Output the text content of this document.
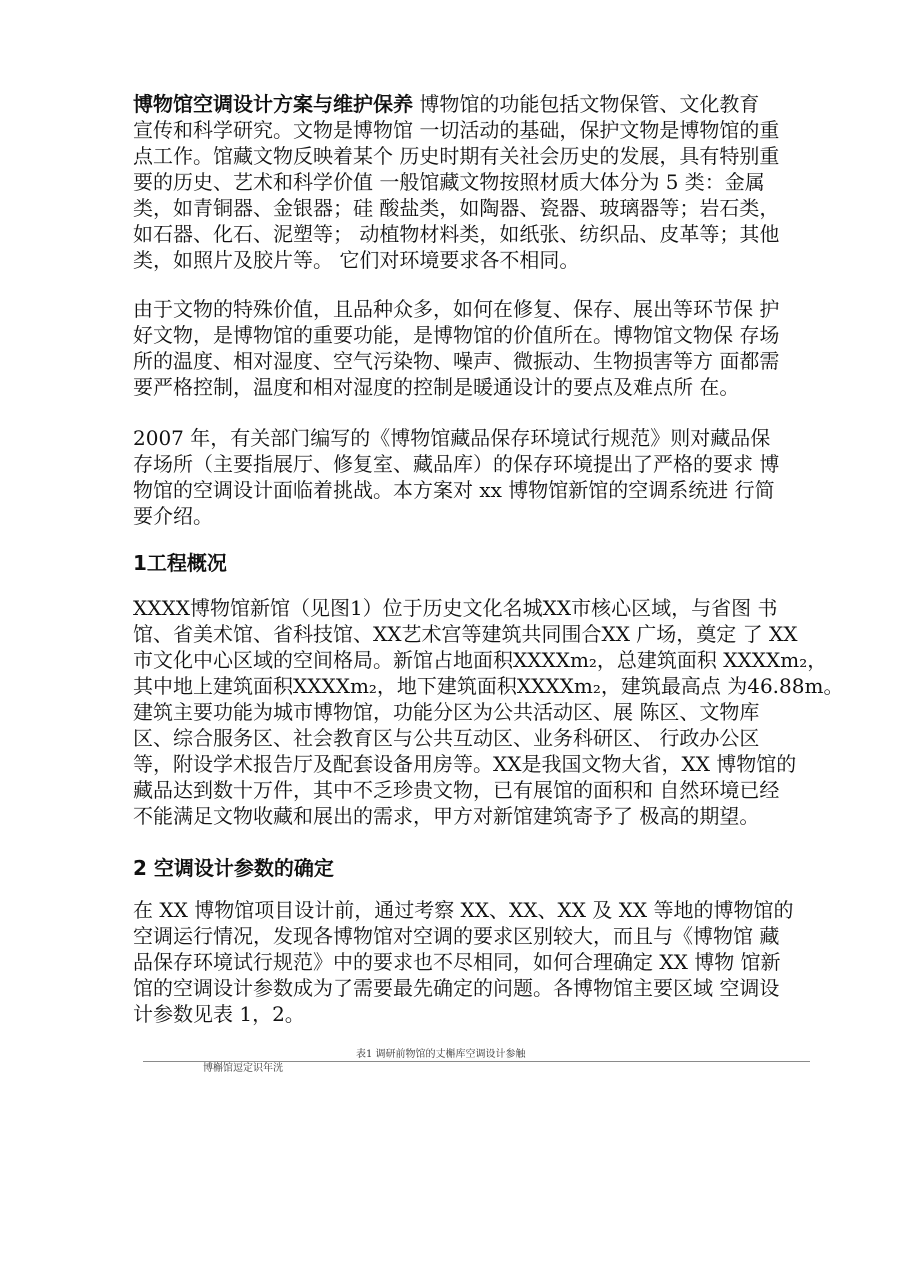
博物馆空调设计方案与维护保养 博物馆的功能包括文物保管、文化教育
宣传和科学研究。文物是博物馆 一切活动的基础，保护文物是博物馆的重
点工作。馆藏文物反映着某个 历史时期有关社会历史的发展，具有特别重
要的历史、艺术和科学价值 一般馆藏文物按照材质大体分为 5 类：金属
类，如青铜器、金银器；硅 酸盐类，如陶器、瓷器、玻璃器等；岩石类，
如石器、化石、泥塑等； 动植物材料类，如纸张、纺织品、皮革等；其他
类，如照片及胶片等。 它们对环境要求各不相同。

由于文物的特殊价值，且品种众多，如何在修复、保存、展出等环节保 护
好文物，是博物馆的重要功能，是博物馆的价值所在。博物馆文物保 存场
所的温度、相对湿度、空气污染物、噪声、微振动、生物损害等方 面都需
要严格控制，温度和相对湿度的控制是暖通设计的要点及难点所 在。

2007 年，有关部门编写的《博物馆藏品保存环境试行规范》则对藏品保
存场所（主要指展厅、修复室、藏品库）的保存环境提出了严格的要求 博
物馆的空调设计面临着挑战。本方案对 xx 博物馆新馆的空调系统进 行简
要介绍。

1工程概况

XXXX博物馆新馆（见图1）位于历史文化名城XX市核心区域，与省图 书
馆、省美术馆、省科技馆、XX艺术宫等建筑共同围合XX 广场，奠定 了 XX
市文化中心区域的空间格局。新馆占地面积XXXXm₂，总建筑面积 XXXXm₂，
其中地上建筑面积XXXXm₂，地下建筑面积XXXXm₂，建筑最高点 为46.88m。
建筑主要功能为城市博物馆，功能分区为公共活动区、展 陈区、文物库
区、综合服务区、社会教育区与公共互动区、业务科研区、 行政办公区
等，附设学术报告厅及配套设备用房等。XX是我国文物大省，XX 博物馆的
藏品达到数十万件，其中不乏珍贵文物，已有展馆的面积和 自然环境已经
不能满足文物收藏和展出的需求，甲方对新馆建筑寄予了 极高的期望。

2 空调设计参数的确定

在 XX 博物馆项目设计前，通过考察 XX、XX、XX 及 XX 等地的博物馆的
空调运行情况，发现各博物馆对空调的要求区别较大，而且与《博物馆 藏
品保存环境试行规范》中的要求也不尽相同，如何合理确定 XX 博物 馆新
馆的空调设计参数成为了需要最先确定的问题。各博物馆主要区域 空调设
计参数见表 1，2。

表1 调研前物馆的丈槲库空调设计参触
博槲馆逗定识年洸
